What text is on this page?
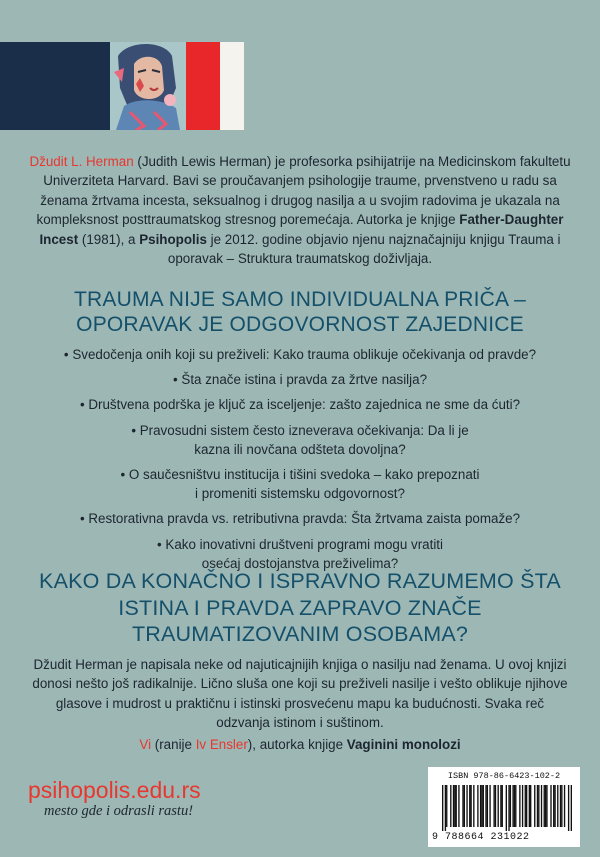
Džudit L. Herman (Judith Lewis Herman) je profesorka psihijatrije na Medicinskom fakultetu Univerziteta Harvard. Bavi se proučavanjem psihologije traume, prvenstveno u radu sa ženama žrtvama incesta, seksualnog i drugog nasilja a u svojim radovima je ukazala na kompleksnost posttraumatskog stresnog poremećaja. Autorka je knjige Father-Daughter Incest (1981), a Psihopolis je 2012. godine objavio njenu najznačajniju knjigu Trauma i oporavak – Struktura traumatskog doživljaja.
TRAUMA NIJE SAMO INDIVIDUALNA PRIČA –
OPORAVAK JE ODGOVORNOST ZAJEDNICE
• Svedočenja onih koji su preživeli: Kako trauma oblikuje očekivanja od pravde?
• Šta znače istina i pravda za žrtve nasilja?
• Društvena podrška je ključ za isceljenje: zašto zajednica ne sme da ćuti?
• Pravosudni sistem često izneverava očekivanja: Da li je kazna ili novčana odšteta dovoljna?
• O saučesništvu institucija i tišini svedoka – kako prepoznati i promeniti sistemsku odgovornost?
• Restorativna pravda vs. retributivna pravda: Šta žrtvama zaista pomaže?
• Kako inovativni društveni programi mogu vratiti osećaj dostojanstva preživelima?
KAKO DA KONAČNO I ISPRAVNO RAZUMEMO ŠTA
ISTINA I PRAVDA ZAPRAVO ZNAČE
TRAUMATIZOVANIM OSOBAMA?
Džudit Herman je napisala neke od najuticajnijih knjiga o nasilju nad ženama. U ovoj knjizi donosi nešto još radikalnije. Lično sluša one koji su preživeli nasilje i vešto oblikuje njihove glasove i mudrost u praktičnu i istinski prosvećenu mapu ka budućnosti. Svaka reč odzvanja istinom i suštinom.
Vi (ranije Iv Ensler), autorka knjige Vaginini monolozi
psihopolis.edu.rs
mesto gde i odrasli rastu!
ISBN 978-86-6423-102-2
9 788664 231022
